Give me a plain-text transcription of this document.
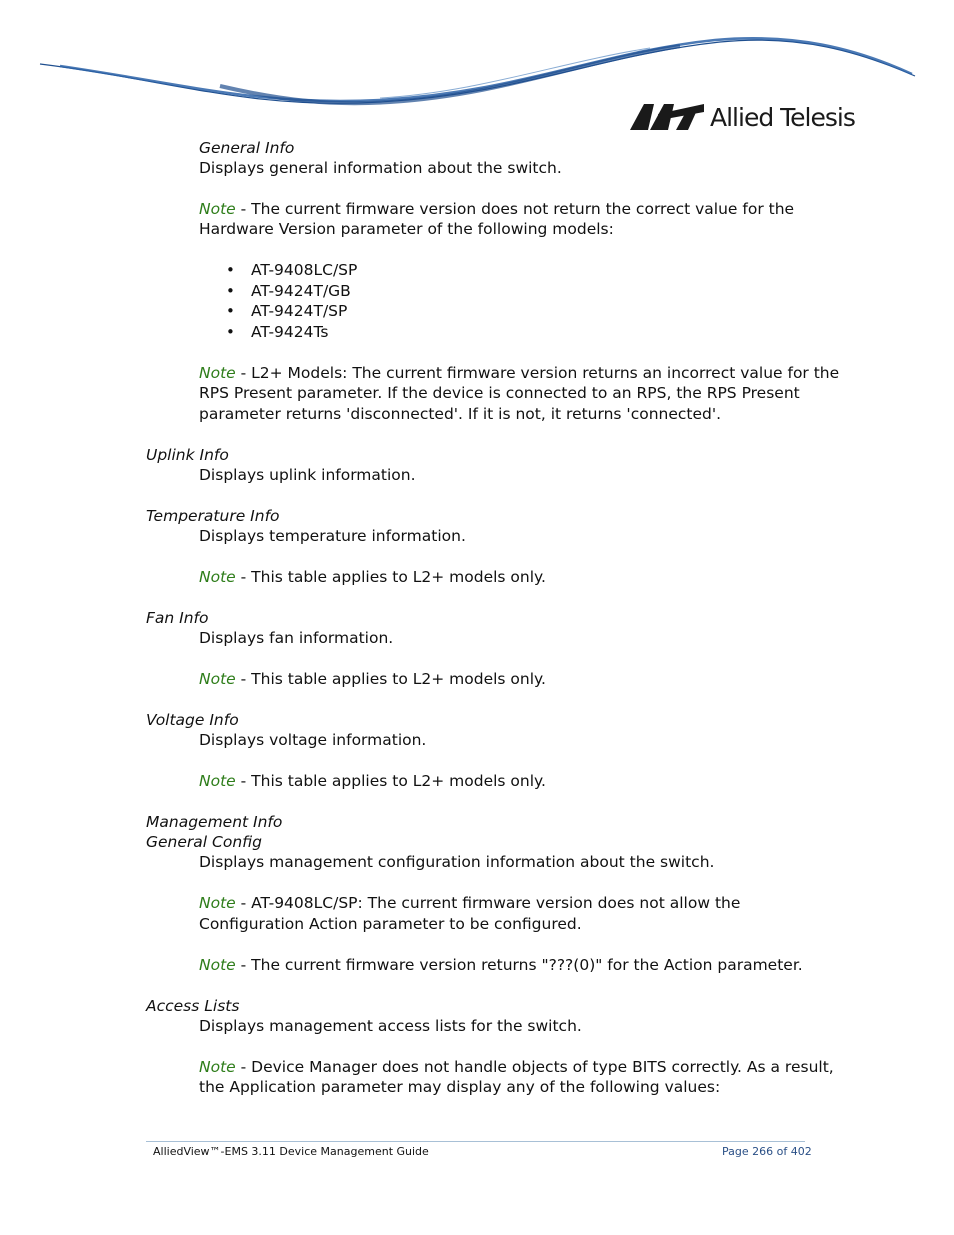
Allied Telesis
General Info
Displays general information about the switch.
Note - The current firmware version does not return the correct value for the
Hardware Version parameter of the following models:
• AT-9408LC/SP
• AT-9424T/GB
• AT-9424T/SP
• AT-9424Ts
Note - L2+ Models: The current firmware version returns an incorrect value for the
RPS Present parameter. If the device is connected to an RPS, the RPS Present
parameter returns 'disconnected'. If it is not, it returns 'connected'.
Uplink Info
Displays uplink information.
Temperature Info
Displays temperature information.
Note - This table applies to L2+ models only.
Fan Info
Displays fan information.
Note - This table applies to L2+ models only.
Voltage Info
Displays voltage information.
Note - This table applies to L2+ models only.
Management Info
General Config
Displays management configuration information about the switch.
Note - AT-9408LC/SP: The current firmware version does not allow the
Configuration Action parameter to be configured.
Note - The current firmware version returns "???(0)" for the Action parameter.
Access Lists
Displays management access lists for the switch.
Note - Device Manager does not handle objects of type BITS correctly. As a result,
the Application parameter may display any of the following values:
AlliedView™-EMS 3.11 Device Management Guide	Page 266 of 402
